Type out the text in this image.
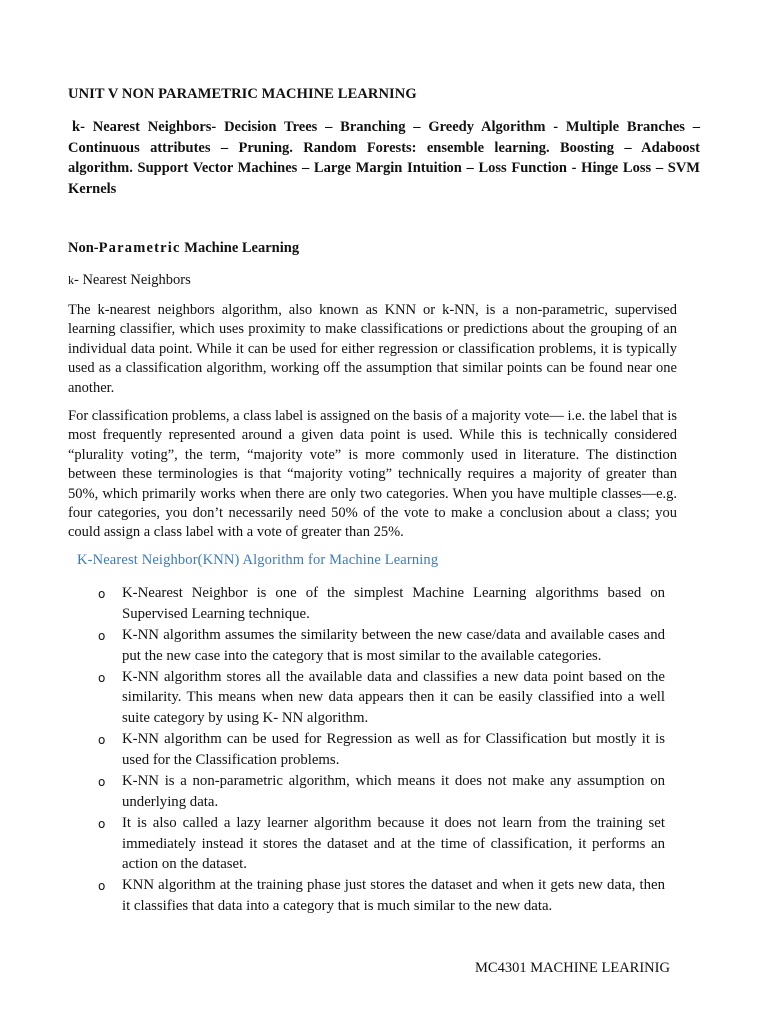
UNIT V NON PARAMETRIC MACHINE LEARNING
k- Nearest Neighbors- Decision Trees – Branching – Greedy Algorithm - Multiple Branches – Continuous attributes – Pruning. Random Forests: ensemble learning. Boosting – Adaboost algorithm. Support Vector Machines – Large Margin Intuition – Loss Function - Hinge Loss – SVM Kernels
Non-Parametric Machine Learning
k- Nearest Neighbors
The k-nearest neighbors algorithm, also known as KNN or k-NN, is a non-parametric, supervised learning classifier, which uses proximity to make classifications or predictions about the grouping of an individual data point. While it can be used for either regression or classification problems, it is typically used as a classification algorithm, working off the assumption that similar points can be found near one another.
For classification problems, a class label is assigned on the basis of a majority vote— i.e. the label that is most frequently represented around a given data point is used. While this is technically considered “plurality voting”, the term, “majority vote” is more commonly used in literature. The distinction between these terminologies is that “majority voting” technically requires a majority of greater than 50%, which primarily works when there are only two categories. When you have multiple classes—e.g. four categories, you don’t necessarily need 50% of the vote to make a conclusion about a class; you could assign a class label with a vote of greater than 25%.
K-Nearest Neighbor(KNN) Algorithm for Machine Learning
o K-Nearest Neighbor is one of the simplest Machine Learning algorithms based on Supervised Learning technique.
o K-NN algorithm assumes the similarity between the new case/data and available cases and put the new case into the category that is most similar to the available categories.
o K-NN algorithm stores all the available data and classifies a new data point based on the similarity. This means when new data appears then it can be easily classified into a well suite category by using K- NN algorithm.
o K-NN algorithm can be used for Regression as well as for Classification but mostly it is used for the Classification problems.
o K-NN is a non-parametric algorithm, which means it does not make any assumption on underlying data.
o It is also called a lazy learner algorithm because it does not learn from the training set immediately instead it stores the dataset and at the time of classification, it performs an action on the dataset.
o KNN algorithm at the training phase just stores the dataset and when it gets new data, then it classifies that data into a category that is much similar to the new data.
MC4301 MACHINE LEARINIG
